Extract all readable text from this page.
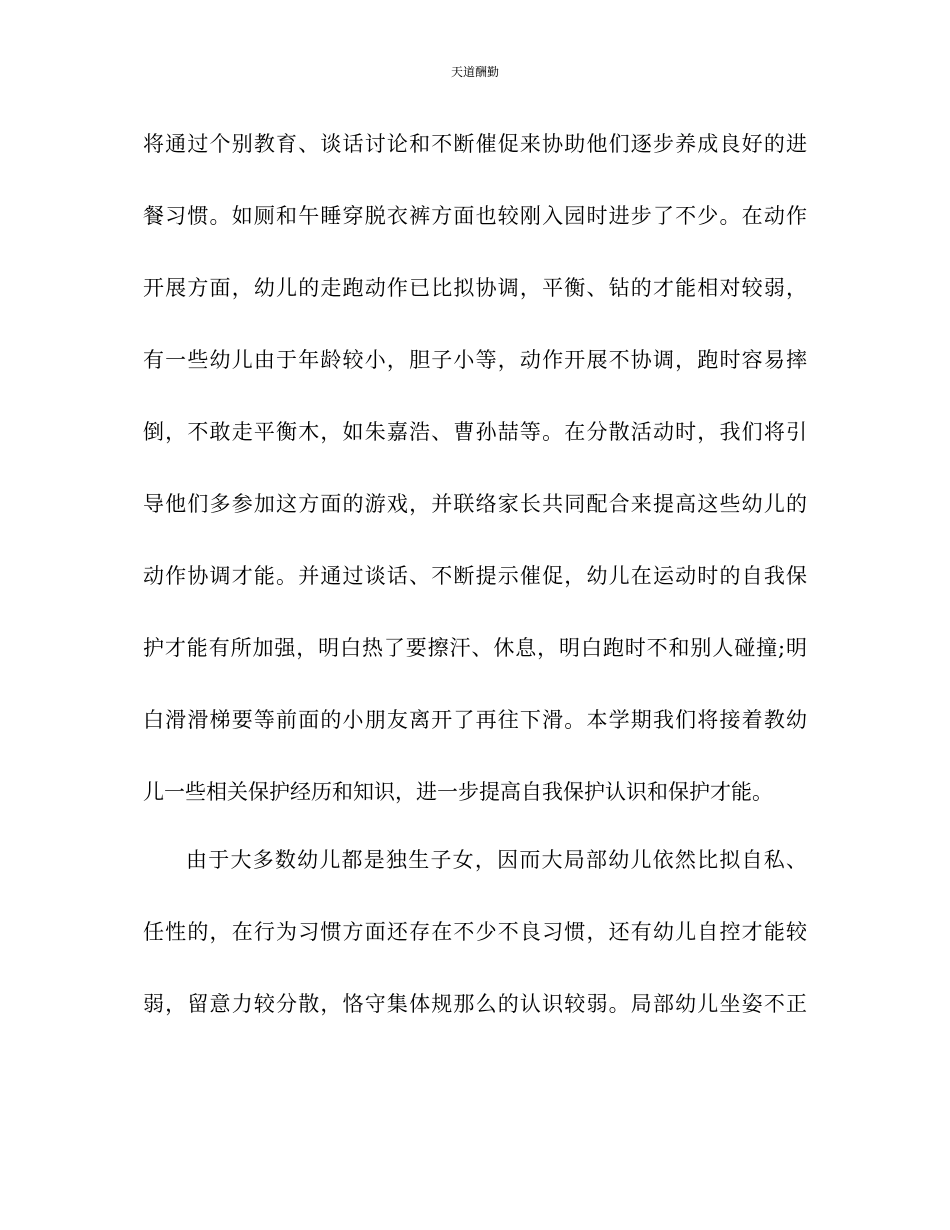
天道酬勤

将通过个别教育、谈话讨论和不断催促来协助他们逐步养成良好的进

餐习惯。如厕和午睡穿脱衣裤方面也较刚入园时进步了不少。在动作

开展方面，幼儿的走跑动作已比拟协调，平衡、钻的才能相对较弱，

有一些幼儿由于年龄较小，胆子小等，动作开展不协调，跑时容易摔

倒，不敢走平衡木，如朱嘉浩、曹孙喆等。在分散活动时，我们将引

导他们多参加这方面的游戏，并联络家长共同配合来提高这些幼儿的

动作协调才能。并通过谈话、不断提示催促，幼儿在运动时的自我保

护才能有所加强，明白热了要擦汗、休息，明白跑时不和别人碰撞;明

白滑滑梯要等前面的小朋友离开了再往下滑。本学期我们将接着教幼

儿一些相关保护经历和知识，进一步提高自我保护认识和保护才能。

由于大多数幼儿都是独生子女，因而大局部幼儿依然比拟自私、

任性的，在行为习惯方面还存在不少不良习惯，还有幼儿自控才能较

弱，留意力较分散，恪守集体规那么的认识较弱。局部幼儿坐姿不正
